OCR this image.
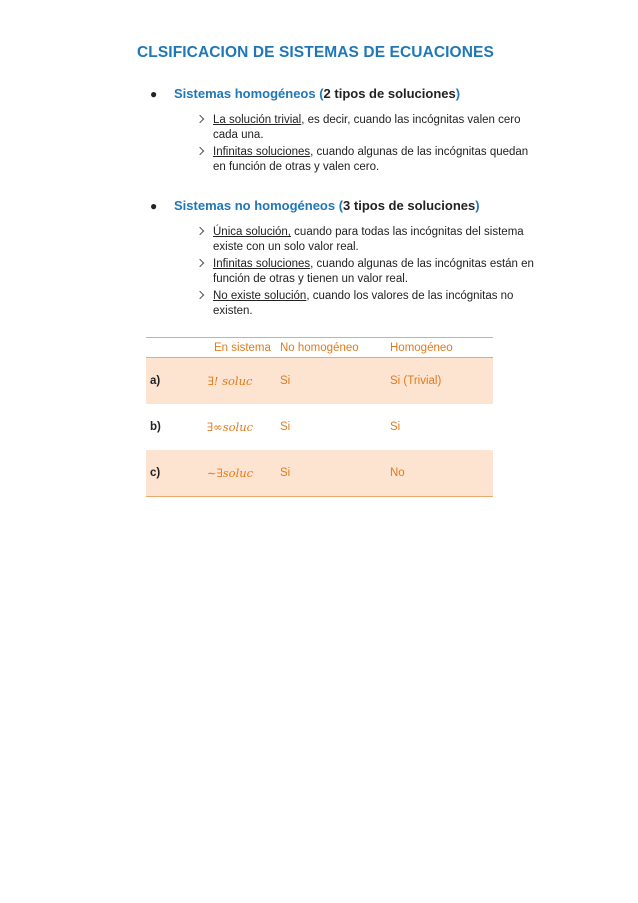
CLSIFICACION DE SISTEMAS DE ECUACIONES
●	Sistemas homogéneos ( 2 tipos de soluciones )
La solución trivial, es decir, cuando las incógnitas valen cero cada una.
Infinitas soluciones, cuando algunas de las incógnitas quedan en función de otras y valen cero.
●	Sistemas no homogéneos ( 3 tipos de soluciones )
Única solución, cuando para todas las incógnitas del sistema existe con un solo valor real.
Infinitas soluciones, cuando algunas de las incógnitas están en función de otras y tienen un valor real.
No existe solución, cuando los valores de las incógnitas no existen.
	En sistema	No homogéneo	Homogéneo
a)	∃! soluc	Si	Si (Trivial)
b)	∃∞soluc	Si	Si
c)	∼∃soluc	Si	No
